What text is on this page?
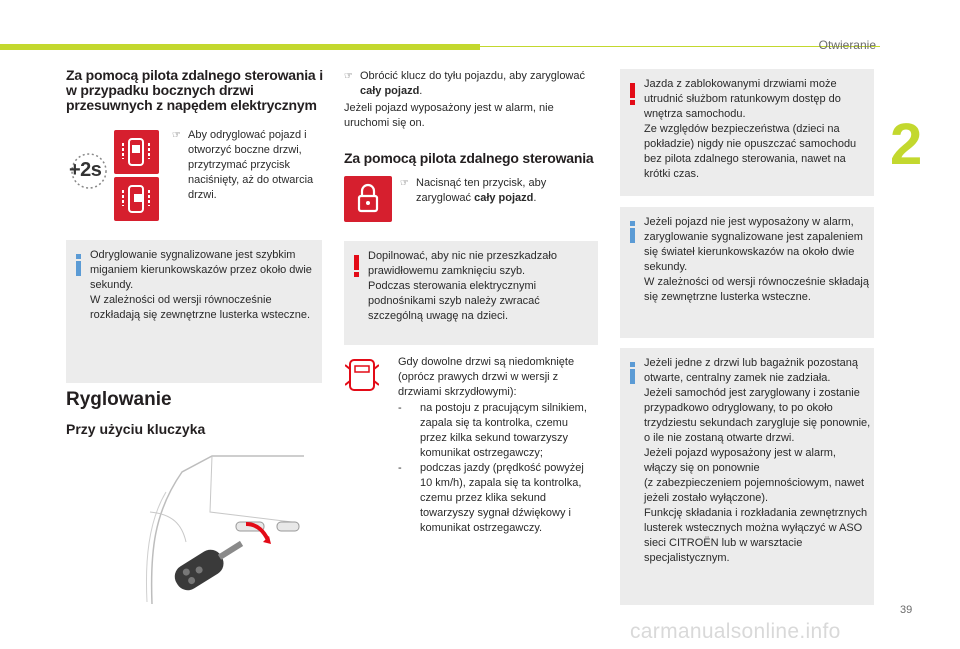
Otwieranie
2
39
Za pomocą pilota zdalnego sterowania i w przypadku bocznych drzwi przesuwnych z napędem elektrycznym
+2s
☞ Aby odryglować pojazd i otworzyć boczne drzwi, przytrzymać przycisk naciśnięty, aż do otwarcia drzwi.
Odryglowanie sygnalizowane jest szybkim miganiem kierunkowskazów przez około dwie sekundy.
W zależności od wersji równocześnie rozkładają się zewnętrzne lusterka wsteczne.
Ryglowanie
Przy użyciu kluczyka
☞ Obrócić klucz do tyłu pojazdu, aby zaryglować cały pojazd.
Jeżeli pojazd wyposażony jest w alarm, nie uruchomi się on.
Za pomocą pilota zdalnego sterowania
☞ Nacisnąć ten przycisk, aby zaryglować cały pojazd.
Dopilnować, aby nic nie przeszkadzało prawidłowemu zamknięciu szyb.
Podczas sterowania elektrycznymi podnośnikami szyb należy zwracać szczególną uwagę na dzieci.
Gdy dowolne drzwi są niedomknięte (oprócz prawych drzwi w wersji z drzwiami skrzydłowymi):
- na postoju z pracującym silnikiem, zapala się ta kontrolka, czemu przez kilka sekund towarzyszy komunikat ostrzegawczy;
- podczas jazdy (prędkość powyżej 10 km/h), zapala się ta kontrolka, czemu przez klika sekund towarzyszy sygnał dźwiękowy i komunikat ostrzegawczy.
Jazda z zablokowanymi drzwiami może utrudnić służbom ratunkowym dostęp do wnętrza samochodu.
Ze względów bezpieczeństwa (dzieci na pokładzie) nigdy nie opuszczać samochodu bez pilota zdalnego sterowania, nawet na krótki czas.
Jeżeli pojazd nie jest wyposażony w alarm, zaryglowanie sygnalizowane jest zapaleniem się świateł kierunkowskazów na około dwie sekundy.
W zależności od wersji równocześnie składają się zewnętrzne lusterka wsteczne.
Jeżeli jedne z drzwi lub bagażnik pozostaną otwarte, centralny zamek nie zadziała.
Jeżeli samochód jest zaryglowany i zostanie przypadkowo odryglowany, to po około trzydziestu sekundach zarygluje się ponownie, o ile nie zostaną otwarte drzwi.
Jeżeli pojazd wyposażony jest w alarm, włączy się on ponownie
(z zabezpieczeniem pojemnościowym, nawet jeżeli zostało wyłączone).
Funkcję składania i rozkładania zewnętrznych lusterek wstecznych można wyłączyć w ASO sieci CITROËN lub w warsztacie specjalistycznym.
carmanualsonline.info
